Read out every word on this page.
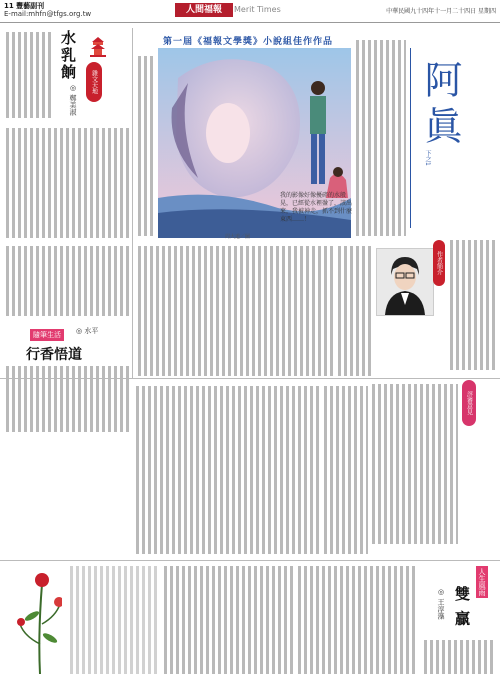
11 豐藝副刊
E-mail:mhfn@tfgs.org.tw	人間福報	Merit Times	中華民國九十四年十一月二十四日 星期四
水乳餉
◎ 鄭美淑
雜文天地
隨筆生活	◎ 水平
行香悟道
第一屆《福報文學獎》小說組佳作作品
我的影像好像擾碎的水般晃，已經從水裡盪了，該出來，我被神走，抓不到什麼東西……！
周大道／圖
阿眞
下之1
作者簡介
評審意見
人生風雨
雙 贏
◎ 王淳藻
